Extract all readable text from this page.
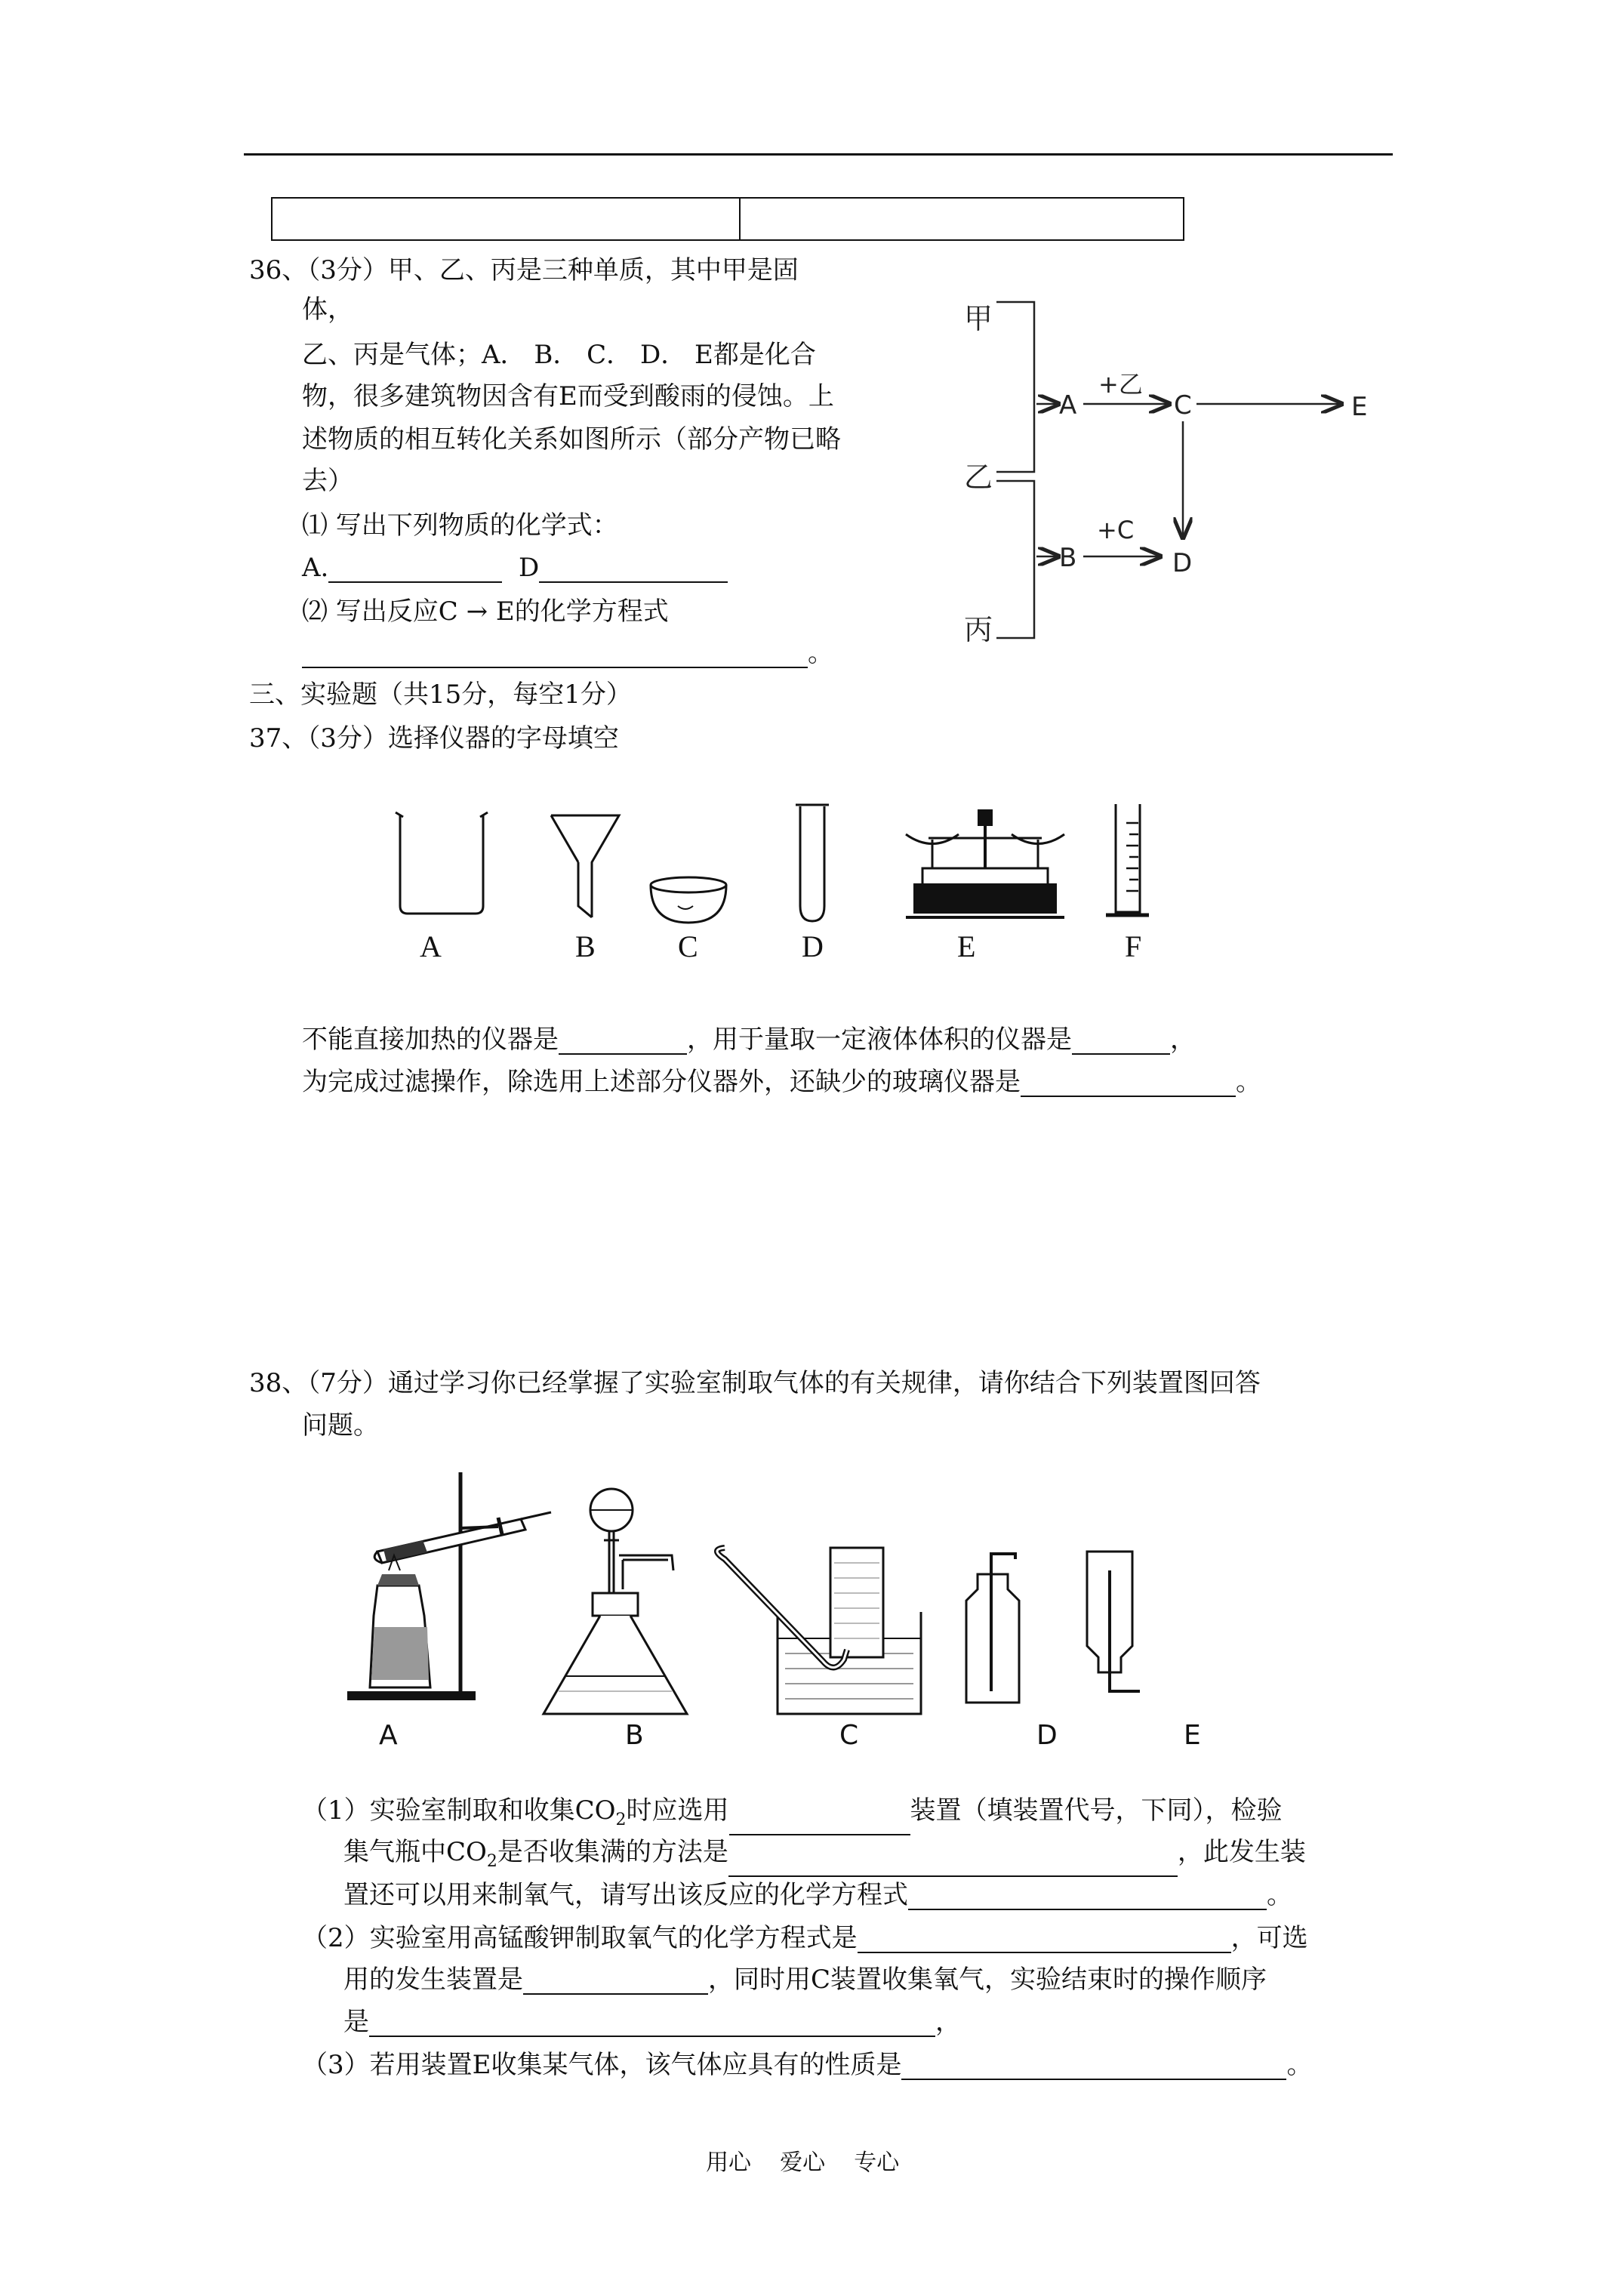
36、（3分）甲、乙、丙是三种单质，其中甲是固
体，
乙、丙是气体；A． B． C． D． E都是化合
物，很多建筑物因含有E而受到酸雨的侵蚀。上
述物质的相互转化关系如图所示（部分产物已略
去）
⑴ 写出下列物质的化学式：
A.	D
⑵ 写出反应C → E的化学方程式
。
甲
乙
丙
A
+乙
C	E
B
+C
D
三、实验题（共15分，每空1分）
37、（3分）选择仪器的字母填空
A	B	C	D	E	F
不能直接加热的仪器是	，用于量取一定液体体积的仪器是	，
为完成过滤操作，除选用上述部分仪器外，还缺少的玻璃仪器是	。
38、（7分）通过学习你已经掌握了实验室制取气体的有关规律，请你结合下列装置图回答
问题。
A	B	C	D	E
（1）实验室制取和收集$CO_2$时应选用	装置（填装置代号，下同），检验
集气瓶中$CO_2$是否收集满的方法是	，此发生装
置还可以用来制氧气，请写出该反应的化学方程式	。
（2）实验室用高锰酸钾制取氧气的化学方程式是	，可选
用的发生装置是	，同时用C装置收集氧气，实验结束时的操作顺序
是	，
（3）若用装置E收集某气体，该气体应具有的性质是	。
用心    爱心    专心
